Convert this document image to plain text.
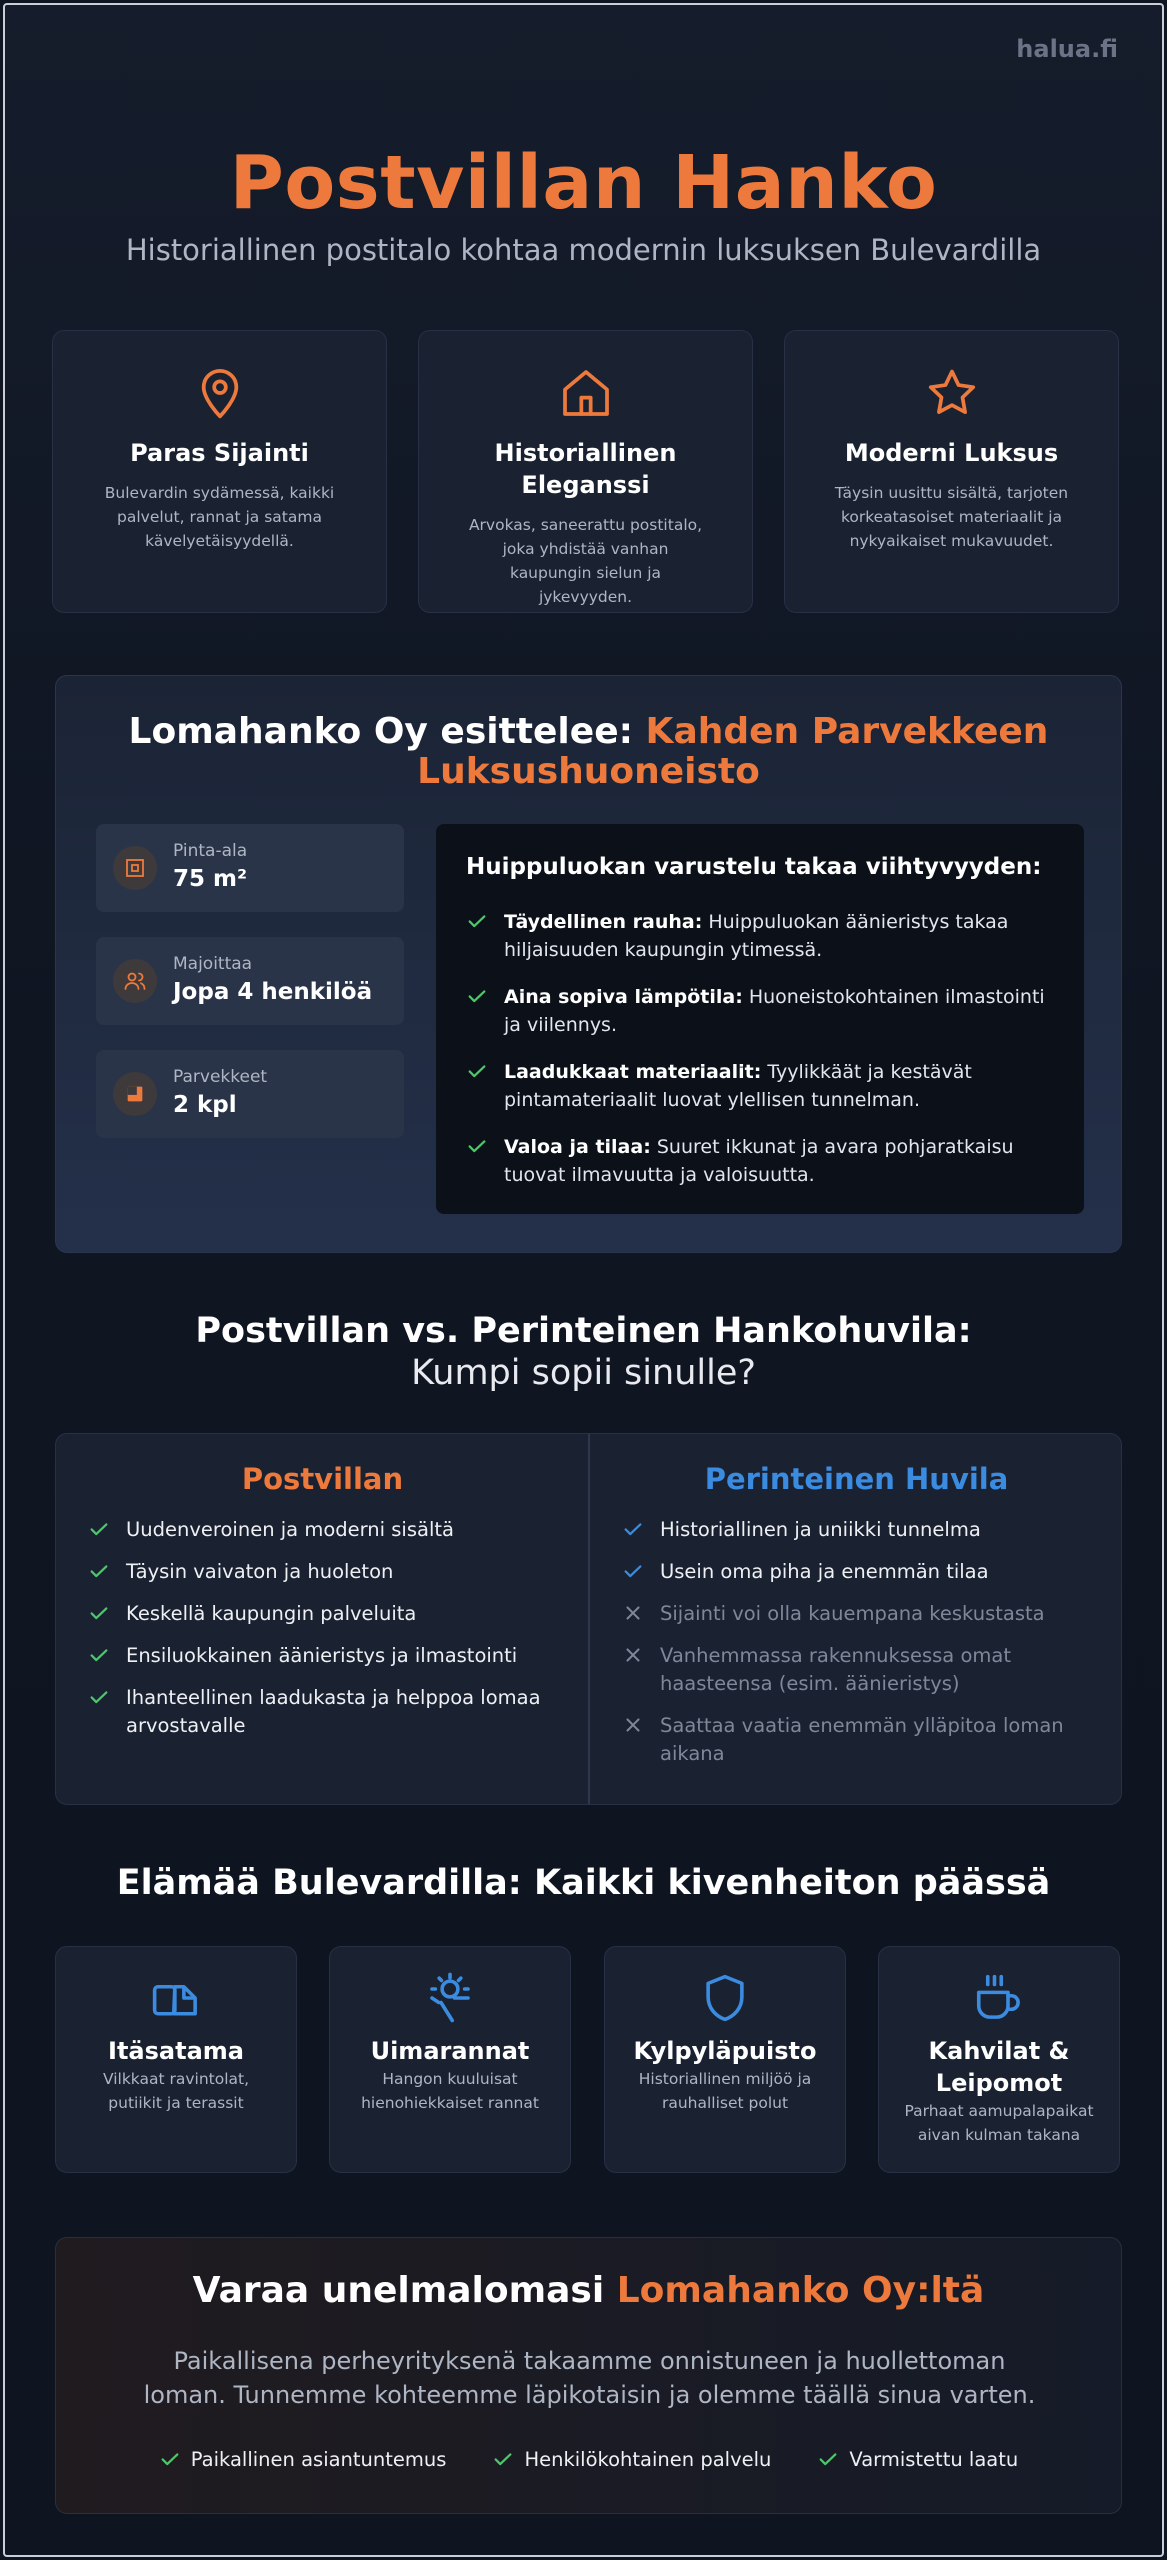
halua.fi
Postvillan Hanko

Historiallinen postitalo kohtaa modernin luksuksen Bulevardilla

Paras Sijainti

Bulevardin sydämessä, kaikki palvelut, rannat ja satama kävelyetäisyydellä.

Historiallinen Eleganssi

Arvokas, saneerattu postitalo, joka yhdistää vanhan kaupungin sielun ja jykevyyden.

Moderni Luksus

Täysin uusittu sisältä, tarjoten korkeatasoiset materiaalit ja nykyaikaiset mukavuudet.

Lomahanko Oy esittelee: Kahden Parvekkeen Luksushuoneisto
Pinta-ala
75 m²
Majoittaa
Jopa 4 henkilöä
Parvekkeet
2 kpl
Huippuluokan varustelu takaa viihtyvyyden:
Täydellinen rauha: Huippuluokan äänieristys takaa hiljaisuuden kaupungin ytimessä.
Aina sopiva lämpötila: Huoneistokohtainen ilmastointi ja viilennys.
Laadukkaat materiaalit: Tyylikkäät ja kestävät pintamateriaalit luovat ylellisen tunnelman.
Valoa ja tilaa: Suuret ikkunat ja avara pohjaratkaisu tuovat ilmavuutta ja valoisuutta.
Postvillan vs. Perinteinen Hankohuvila:

Kumpi sopii sinulle?

Postvillan
Uudenveroinen ja moderni sisältä
Täysin vaivaton ja huoleton
Keskellä kaupungin palveluita
Ensiluokkainen äänieristys ja ilmastointi
Ihanteellinen laadukasta ja helppoa lomaa arvostavalle
Perinteinen Huvila
Historiallinen ja uniikki tunnelma
Usein oma piha ja enemmän tilaa
Sijainti voi olla kauempana keskustasta
Vanhemmassa rakennuksessa omat haasteensa (esim. äänieristys)
Saattaa vaatia enemmän ylläpitoa loman aikana
Elämää Bulevardilla: Kaikki kivenheiton päässä
Itäsatama

Vilkkaat ravintolat, putiikit ja terassit

Uimarannat

Hangon kuuluisat hienohiekkaiset rannat

Kylpyläpuisto

Historiallinen miljöö ja rauhalliset polut

Kahvilat & Leipomot

Parhaat aamupalapaikat aivan kulman takana

Varaa unelmalomasi Lomahanko Oy:ltä

Paikallisena perheyrityksenä takaamme onnistuneen ja huollettoman loman. Tunnemme kohteemme läpikotaisin ja olemme täällä sinua varten.

Paikallinen asiantuntemus	Henkilökohtainen palvelu	Varmistettu laatu
